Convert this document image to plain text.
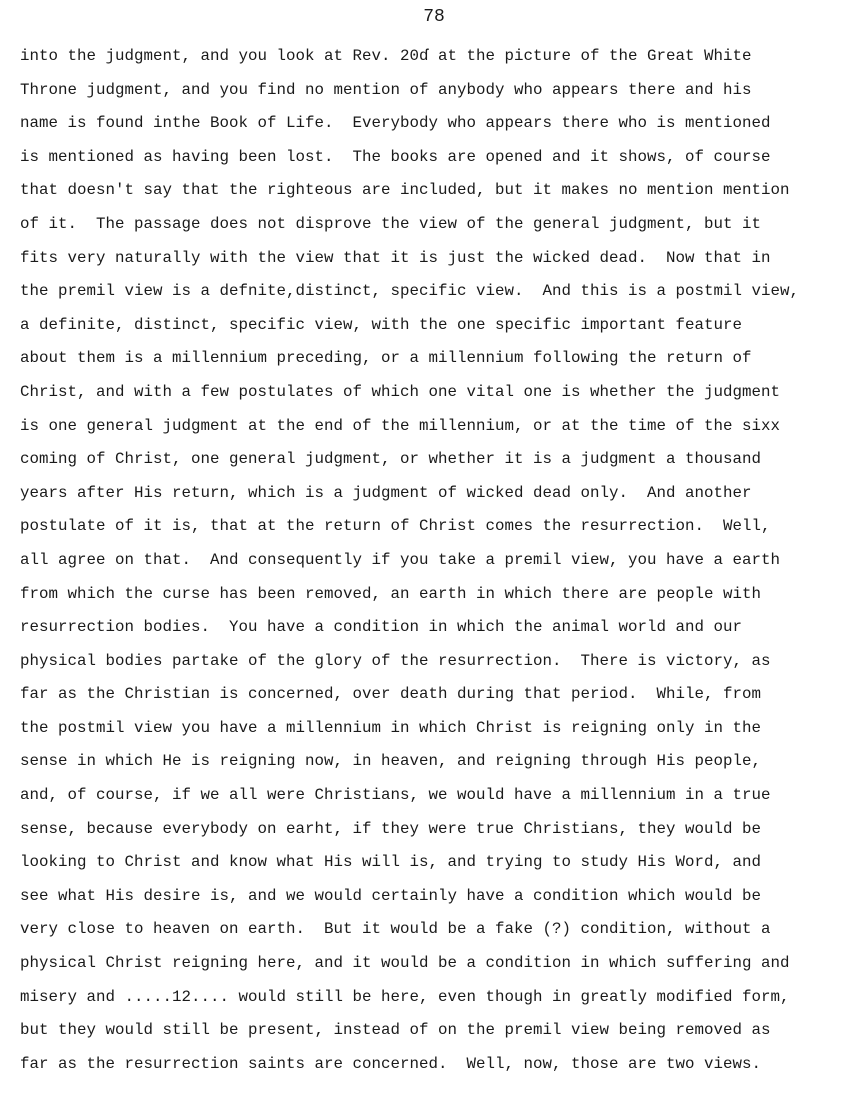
78
into the judgment, and you look at Rev. 20ɗ at the picture of the Great White
Throne judgment, and you find no mention of anybody who appears there and his
name is found inthe Book of Life.  Everybody who appears there who is mentioned
is mentioned as having been lost.  The books are opened and it shows, of course
that doesn't say that the righteous are included, but it makes no mention mention
of it.  The passage does not disprove the view of the general judgment, but it
fits very naturally with the view that it is just the wicked dead.  Now that in
the premil view is a defnite,distinct, specific view.  And this is a postmil view,
a definite, distinct, specific view, with the one specific important feature
about them is a millennium preceding, or a millennium following the return of
Christ, and with a few postulates of which one vital one is whether the judgment
is one general judgment at the end of the millennium, or at the time of the sixx
coming of Christ, one general judgment, or whether it is a judgment a thousand
years after His return, which is a judgment of wicked dead only.  And another
postulate of it is, that at the return of Christ comes the resurrection.  Well,
all agree on that.  And consequently if you take a premil view, you have a earth
from which the curse has been removed, an earth in which there are people with
resurrection bodies.  You have a condition in which the animal world and our
physical bodies partake of the glory of the resurrection.  There is victory, as
far as the Christian is concerned, over death during that period.  While, from
the postmil view you have a millennium in which Christ is reigning only in the
sense in which He is reigning now, in heaven, and reigning through His people,
and, of course, if we all were Christians, we would have a millennium in a true
sense, because everybody on earht, if they were true Christians, they would be
looking to Christ and know what His will is, and trying to study His Word, and
see what His desire is, and we would certainly have a condition which would be
very close to heaven on earth.  But it would be a fake (?) condition, without a
physical Christ reigning here, and it would be a condition in which suffering and
misery and .....12.... would still be here, even though in greatly modified form,
but they would still be present, instead of on the premil view being removed as
far as the resurrection saints are concerned.  Well, now, those are two views.
